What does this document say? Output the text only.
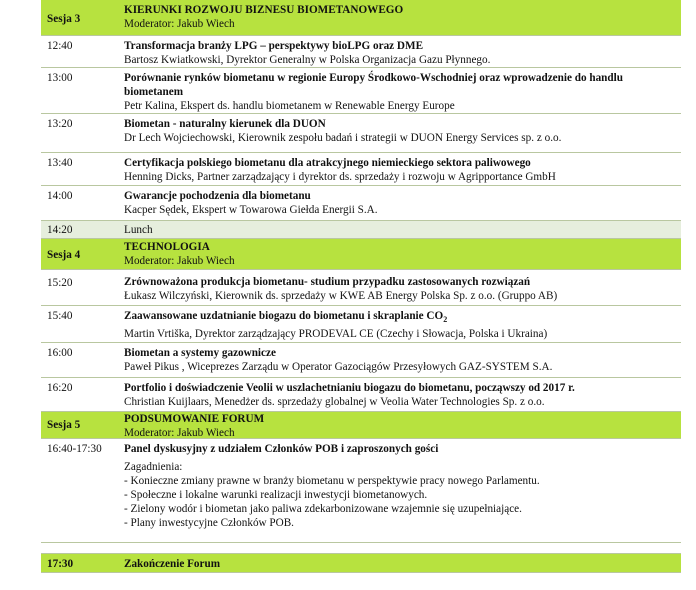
Sesja 3
KIERUNKI ROZWOJU BIZNESU BIOMETANOWEGO
Moderator: Jakub Wiech
12:40	Transformacja branży LPG – perspektywy bioLPG oraz DME
Bartosz Kwiatkowski, Dyrektor Generalny w Polska Organizacja Gazu Płynnego.
13:00	Porównanie rynków biometanu w regionie Europy Środkowo-Wschodniej oraz wprowadzenie do handlu biometanem
Petr Kalina, Ekspert ds. handlu biometanem w Renewable Energy Europe
13:20	Biometan - naturalny kierunek dla DUON
Dr Lech Wojciechowski, Kierownik zespołu badań i strategii w DUON Energy Services sp. z o.o.
13:40	Certyfikacja polskiego biometanu dla atrakcyjnego niemieckiego sektora paliwowego
Henning Dicks, Partner zarządzający i dyrektor ds. sprzedaży i rozwoju w Agripportance GmbH
14:00	Gwarancje pochodzenia dla biometanu
Kacper Sędek, Ekspert w Towarowa Giełda Energii S.A.
14:20	Lunch
Sesja 4
TECHNOLOGIA
Moderator: Jakub Wiech
15:20	Zrównoważona produkcja biometanu- studium przypadku zastosowanych rozwiązań
Łukasz Wilczyński, Kierownik ds. sprzedaży w KWE AB Energy Polska Sp. z o.o. (Gruppo AB)
15:40	Zaawansowane uzdatnianie biogazu do biometanu i skraplanie $CO_2$
Martin Vrtiška, Dyrektor zarządzający PRODEVAL CE (Czechy i Słowacja, Polska i Ukraina)
16:00	Biometan a systemy gazownicze
Paweł Pikus , Wiceprezes Zarządu w Operator Gazociągów Przesyłowych GAZ-SYSTEM S.A.
16:20	Portfolio i doświadczenie Veolii w uszlachetnianiu biogazu do biometanu, począwszy od 2017 r.
Christian Kuijlaars, Menedżer ds. sprzedaży globalnej w Veolia Water Technologies Sp. z o.o.
Sesja 5	PODSUMOWANIE FORUM
Moderator: Jakub Wiech
16:40-17:30	Panel dyskusyjny z udziałem Członków POB i zaproszonych gości
Zagadnienia:
- Konieczne zmiany prawne w branży biometanu w perspektywie pracy nowego Parlamentu.
- Społeczne i lokalne warunki realizacji inwestycji biometanowych.
- Zielony wodór i biometan jako paliwa zdekarbonizowane wzajemnie się uzupełniające.
- Plany inwestycyjne Członków POB.
17:30	Zakończenie Forum
